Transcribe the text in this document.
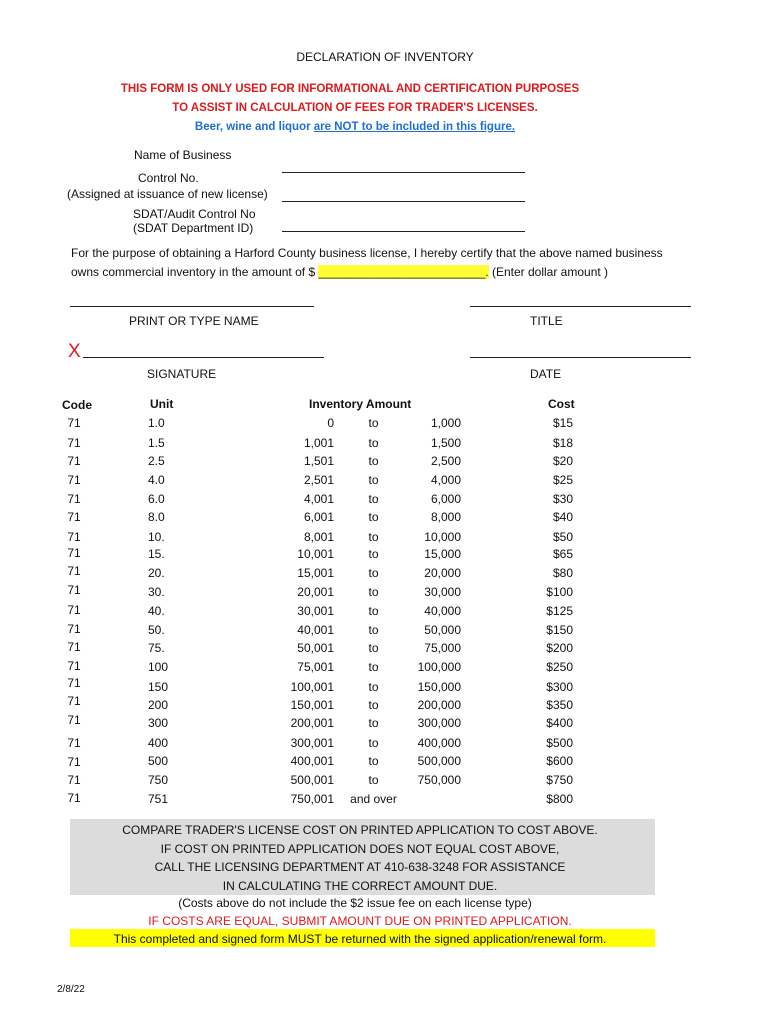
DECLARATION OF INVENTORY
THIS FORM IS ONLY USED FOR INFORMATIONAL AND CERTIFICATION PURPOSES
TO ASSIST IN CALCULATION OF FEES FOR TRADER'S LICENSES.
Beer, wine and liquor are NOT to be included in this figure.
Name of Business
Control No.
(Assigned at issuance of new license)
SDAT/Audit Control No
(SDAT Department ID)
For the purpose of obtaining a Harford County business license, I hereby certify that the above named business
owns commercial inventory in the amount of $ _________________________. (Enter dollar amount )
PRINT OR TYPE NAME	TITLE
X
SIGNATURE	DATE
Code	Unit	Inventory Amount	Cost
71	1.0	0	to	1,000	$15
71	1.5	1,001	to	1,500	$18
71	2.5	1,501	to	2,500	$20
71	4.0	2,501	to	4,000	$25
71	6.0	4,001	to	6,000	$30
71	8.0	6,001	to	8,000	$40
71	10.	8,001	to	10,000	$50
71	15.	10,001	to	15,000	$65
71	20.	15,001	to	20,000	$80
71	30.	20,001	to	30,000	$100
71	40.	30,001	to	40,000	$125
71	50.	40,001	to	50,000	$150
71	75.	50,001	to	75,000	$200
71	100	75,001	to	100,000	$250
71	150	100,001	to	150,000	$300
71	200	150,001	to	200,000	$350
71	300	200,001	to	300,000	$400
71	400	300,001	to	400,000	$500
71	500	400,001	to	500,000	$600
71	750	500,001	to	750,000	$750
71	751	750,001	and over	$800
COMPARE TRADER'S LICENSE COST ON PRINTED APPLICATION TO COST ABOVE.
IF COST ON PRINTED APPLICATION DOES NOT EQUAL COST ABOVE,
CALL THE LICENSING DEPARTMENT AT 410-638-3248 FOR ASSISTANCE
IN CALCULATING THE CORRECT AMOUNT DUE.
(Costs above do not include the $2 issue fee on each license type)
IF COSTS ARE EQUAL, SUBMIT AMOUNT DUE ON PRINTED APPLICATION.
This completed and signed form MUST be returned with the signed application/renewal form.
2/8/22
